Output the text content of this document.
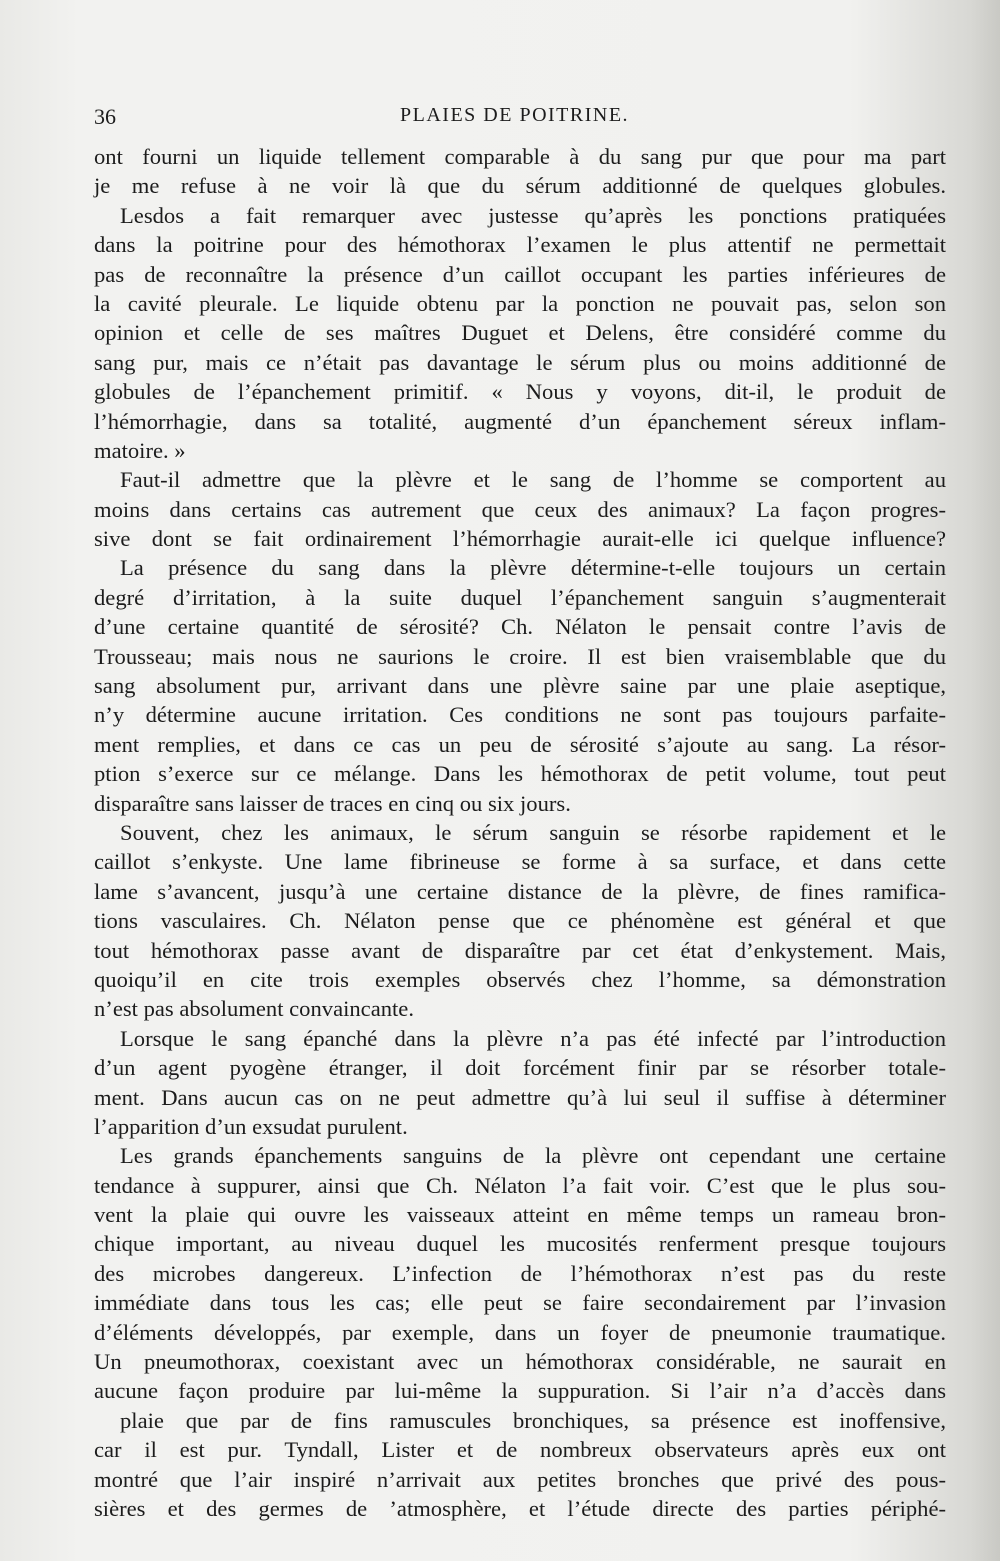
36	PLAIES DE POITRINE.
ont fourni un liquide tellement comparable à du sang pur que pour ma part
je me refuse à ne voir là que du sérum additionné de quelques globules.
Lesdos a fait remarquer avec justesse qu’après les ponctions pratiquées
dans la poitrine pour des hémothorax l’examen le plus attentif ne permettait
pas de reconnaître la présence d’un caillot occupant les parties inférieures de
la cavité pleurale. Le liquide obtenu par la ponction ne pouvait pas, selon son
opinion et celle de ses maîtres Duguet et Delens, être considéré comme du
sang pur, mais ce n’était pas davantage le sérum plus ou moins additionné de
globules de l’épanchement primitif. « Nous y voyons, dit-il, le produit de
l’hémorrhagie, dans sa totalité, augmenté d’un épanchement séreux inflam-
matoire. »
Faut-il admettre que la plèvre et le sang de l’homme se comportent au
moins dans certains cas autrement que ceux des animaux? La façon progres-
sive dont se fait ordinairement l’hémorrhagie aurait-elle ici quelque influence?
La présence du sang dans la plèvre détermine-t-elle toujours un certain
degré d’irritation, à la suite duquel l’épanchement sanguin s’augmenterait
d’une certaine quantité de sérosité? Ch. Nélaton le pensait contre l’avis de
Trousseau; mais nous ne saurions le croire. Il est bien vraisemblable que du
sang absolument pur, arrivant dans une plèvre saine par une plaie aseptique,
n’y détermine aucune irritation. Ces conditions ne sont pas toujours parfaite-
ment remplies, et dans ce cas un peu de sérosité s’ajoute au sang. La résor-
ption s’exerce sur ce mélange. Dans les hémothorax de petit volume, tout peut
disparaître sans laisser de traces en cinq ou six jours.
Souvent, chez les animaux, le sérum sanguin se résorbe rapidement et le
caillot s’enkyste. Une lame fibrineuse se forme à sa surface, et dans cette
lame s’avancent, jusqu’à une certaine distance de la plèvre, de fines ramifica-
tions vasculaires. Ch. Nélaton pense que ce phénomène est général et que
tout hémothorax passe avant de disparaître par cet état d’enkystement. Mais,
quoiqu’il en cite trois exemples observés chez l’homme, sa démonstration
n’est pas absolument convaincante.
Lorsque le sang épanché dans la plèvre n’a pas été infecté par l’introduction
d’un agent pyogène étranger, il doit forcément finir par se résorber totale-
ment. Dans aucun cas on ne peut admettre qu’à lui seul il suffise à déterminer
l’apparition d’un exsudat purulent.
Les grands épanchements sanguins de la plèvre ont cependant une certaine
tendance à suppurer, ainsi que Ch. Nélaton l’a fait voir. C’est que le plus sou-
vent la plaie qui ouvre les vaisseaux atteint en même temps un rameau bron-
chique important, au niveau duquel les mucosités renferment presque toujours
des microbes dangereux. L’infection de l’hémothorax n’est pas du reste
immédiate dans tous les cas; elle peut se faire secondairement par l’invasion
d’éléments développés, par exemple, dans un foyer de pneumonie traumatique.
Un pneumothorax, coexistant avec un hémothorax considérable, ne saurait en
aucune façon produire par lui-même la suppuration. Si l’air n’a d’accès dans
plaie que par de fins ramuscules bronchiques, sa présence est inoffensive,
car il est pur. Tyndall, Lister et de nombreux observateurs après eux ont
montré que l’air inspiré n’arrivait aux petites bronches que privé des pous-
sières et des germes de ’atmosphère, et l’étude directe des parties périphé-
